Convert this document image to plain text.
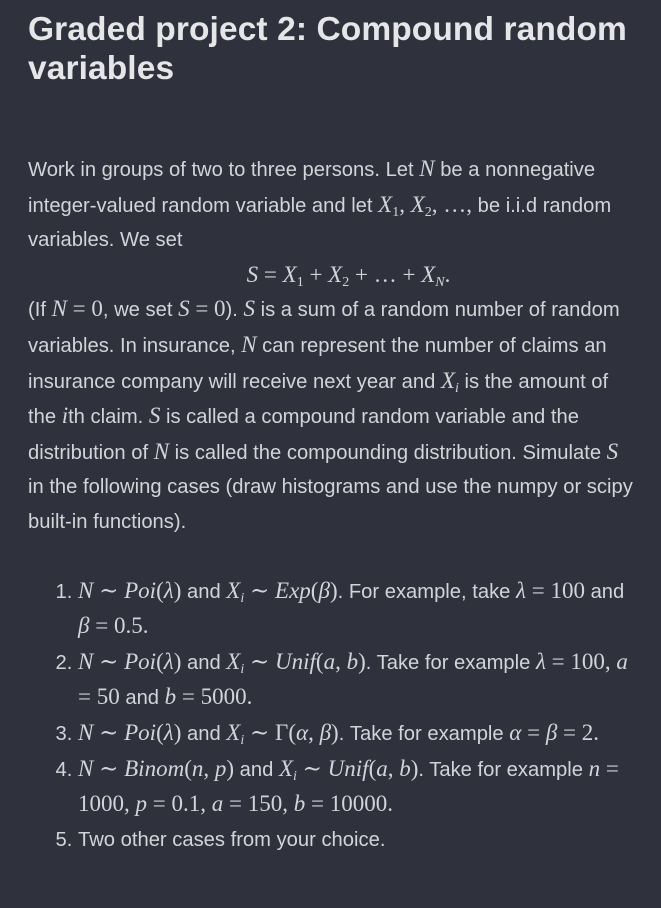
Graded project 2: Compound random variables
Work in groups of two to three persons. Let N be a nonnegative integer-valued random variable and let $X_1$, $X_2$, …, be i.i.d random variables. We set
$S = X_1 + X_2$ + … + $X_N$.
(If N = 0, we set S = 0). S is a sum of a random number of random variables. In insurance, N can represent the number of claims an insurance company will receive next year and $X_i$ is the amount of the ith claim. S is called a compound random variable and the distribution of N is called the compounding distribution. Simulate S in the following cases (draw histograms and use the numpy or scipy built-in functions).
1. N ∼ Poi(λ) and $X_i$ ∼ Exp(β). For example, take λ = 100 and β = 0.5.
2. N ∼ Poi(λ) and $X_i$ ∼ Unif(a, b). Take for example λ = 100, a = 50 and b = 5000.
3. N ∼ Poi(λ) and $X_i$ ∼ Γ(α, β). Take for example α = β = 2.
4. N ∼ Binom(n, p) and $X_i$ ∼ Unif(a, b). Take for example n = 1000, p = 0.1, a = 150, b = 10000.
5. Two other cases from your choice.
